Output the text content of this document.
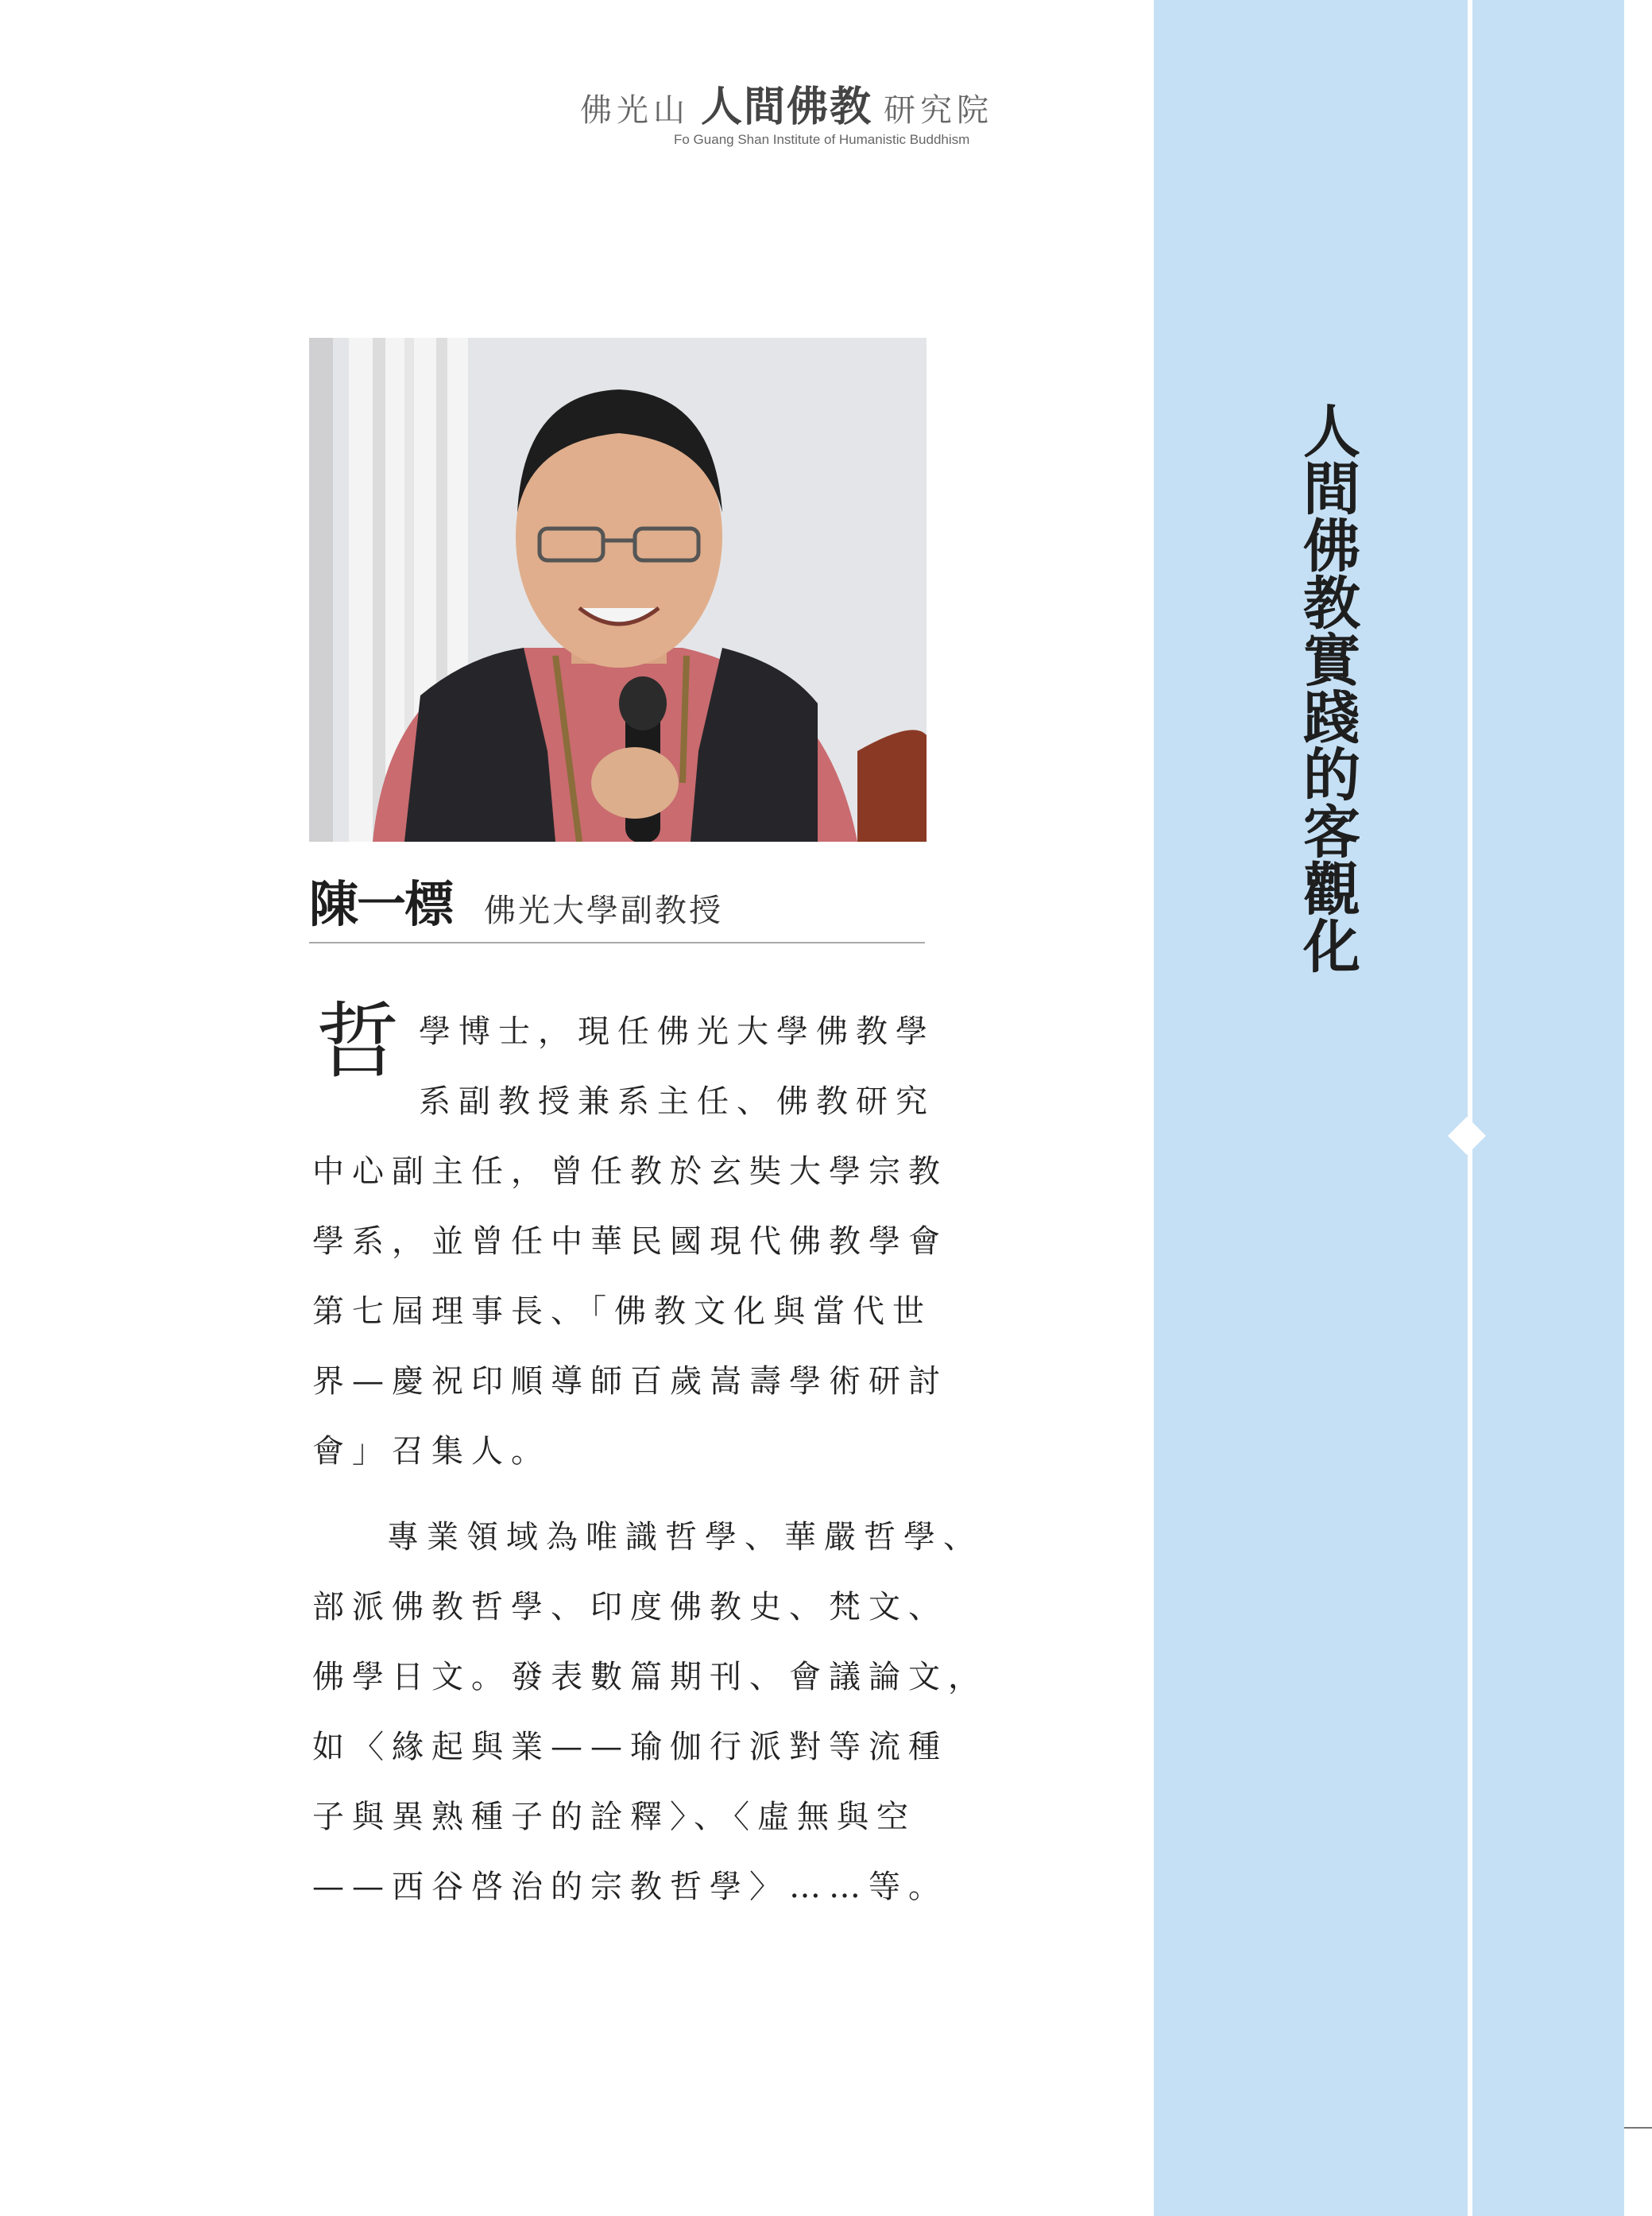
佛光山 人間佛教 研究院
Fo Guang Shan Institute of Humanistic Buddhism
陳一標 佛光大學副教授
哲 學博士，現任佛光大學佛教學
系副教授兼系主任、佛教研究
中心副主任，曾任教於玄奘大學宗教
學系，並曾任中華民國現代佛教學會
第七屆理事長、「佛教文化與當代世
界—慶祝印順導師百歲嵩壽學術研討
會」召集人。
專業領域為唯識哲學、華嚴哲學、
部派佛教哲學、印度佛教史、梵文、
佛學日文。發表數篇期刊、會議論文，
如〈緣起與業——瑜伽行派對等流種
子與異熟種子的詮釋〉、〈虛無與空
——西谷啓治的宗教哲學〉……等。
人間佛教實踐的客觀化
